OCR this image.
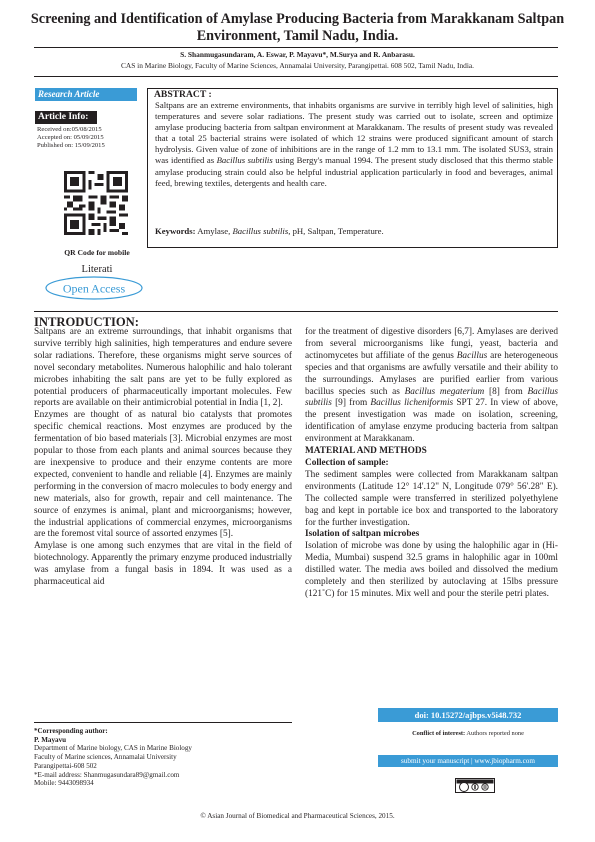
Screening and Identification of Amylase Producing Bacteria from Marakkanam Saltpan Environment, Tamil Nadu, India.
S. Shanmugasundaram, A. Eswar, P. Mayavu*, M.Surya and R. Anbarasu.
CAS in Marine Biology, Faculty of Marine Sciences, Annamalai University, Parangipettai. 608 502, Tamil Nadu, India.
Research Article
Article Info:
Received on:05/08/2015
Accepted on: 05/09/2015
Published on: 15/09/2015
QR Code for mobile
Literati
Open Access
ABSTRACT :
Saltpans are an extreme environments, that inhabits organisms are survive in terribly high level of salinities, high temperatures and severe solar radiations. The present study was carried out to isolate, screen and optimize amylase producing bacteria from saltpan environment at Marakkanam. The results of present study was revealed that a total 25 bacterial strains were isolated of which 12 strains were produced significant amount of starch hydrolysis. Given value of zone of inhibitions are in the range of 1.2 mm to 13.1 mm. The isolated SUS3, strain was identified as Bacillus subtilis using Bergy's manual 1994. The present study disclosed that this thermo stable amylase producing strain could also be helpful industrial application particularly in food and beverages, animal feed, brewing textiles, detergents and health care.
Keywords: Amylase, Bacillus subtilis, pH, Saltpan, Temperature.
INTRODUCTION:

Saltpans are an extreme surroundings, that inhabit organisms that survive terribly high salinities, high temperatures and endure severe solar radiations. Therefore, these organisms might serve sources of novel secondary metabolites. Numerous halophilic and halo tolerant microbes inhabiting the salt pans are yet to be fully explored as potential producers of pharmaceutically important molecules. Few reports are available on their antimicrobial potential in India [1, 2].

Enzymes are thought of as natural bio catalysts that promotes specific chemical reactions. Most enzymes are produced by the fermentation of bio based materials [3]. Microbial enzymes are most popular to those from each plants and animal sources because they are inexpensive to produce and their enzyme contents are more expected, convenient to handle and reliable [4]. Enzymes are mainly performing in the conversion of macro molecules to body energy and new materials, also for growth, repair and cell maintenance. The source of enzymes is animal, plant and microorganisms; however, the industrial applications of commercial enzymes, microorganisms are the foremost vital source of assorted enzymes [5].

Amylase is one among such enzymes that are vital in the field of biotechnology. Apparently the primary enzyme produced industrially was amylase from a fungal basis in 1894. It was used as a pharmaceutical aid

for the treatment of digestive disorders [6,7]. Amylases are derived from several microorganisms like fungi, yeast, bacteria and actinomycetes but affiliate of the genus Bacillus are heterogeneous species and that organisms are awfully versatile and their ability to the surroundings. Amylases are purified earlier from various bacillus species such as Bacillus megaterium [8] from Bacillus subtilis [9] from Bacillus licheniformis SPT 27. In view of above, the present investigation was made on isolation, screening, identification of amylase enzyme producing bacteria from saltpan environment at Marakkanam.

MATERIAL AND METHODS

Collection of sample:

The sediment samples were collected from Marakkanam saltpan environments (Latitude 12° 14'.12" N, Longitude 079° 56'.28" E). The collected sample were transferred in sterilized polyethylene bag and kept in portable ice box and transported to the laboratory for the further investigation.

Isolation of saltpan microbes

Isolation of microbe was done by using the halophilic agar in (Hi-Media, Mumbai) suspend 32.5 grams in halophilic agar in 100ml distilled water. The media aws boiled and dissolved the medium completely and then sterilized by autoclaving at 15lbs pressure (121˚C) for 15 minutes. Mix well and pour the sterile petri plates.

*Corresponding author:
P. Mayavu
Department of Marine biology, CAS in Marine Biology
Faculty of Marine sciences, Annamalai University
Parangipettai-608 502
*E-mail address: Shanmugasundara89@gmail.com
Mobile: 9443098934
doi: 10.15272/ajbps.v5i48.732
Conflict of interest: Authors reported none
submit your manuscript | www.jbiopharm.com
© Asian Journal of Biomedical and Pharmaceutical Sciences, 2015.
